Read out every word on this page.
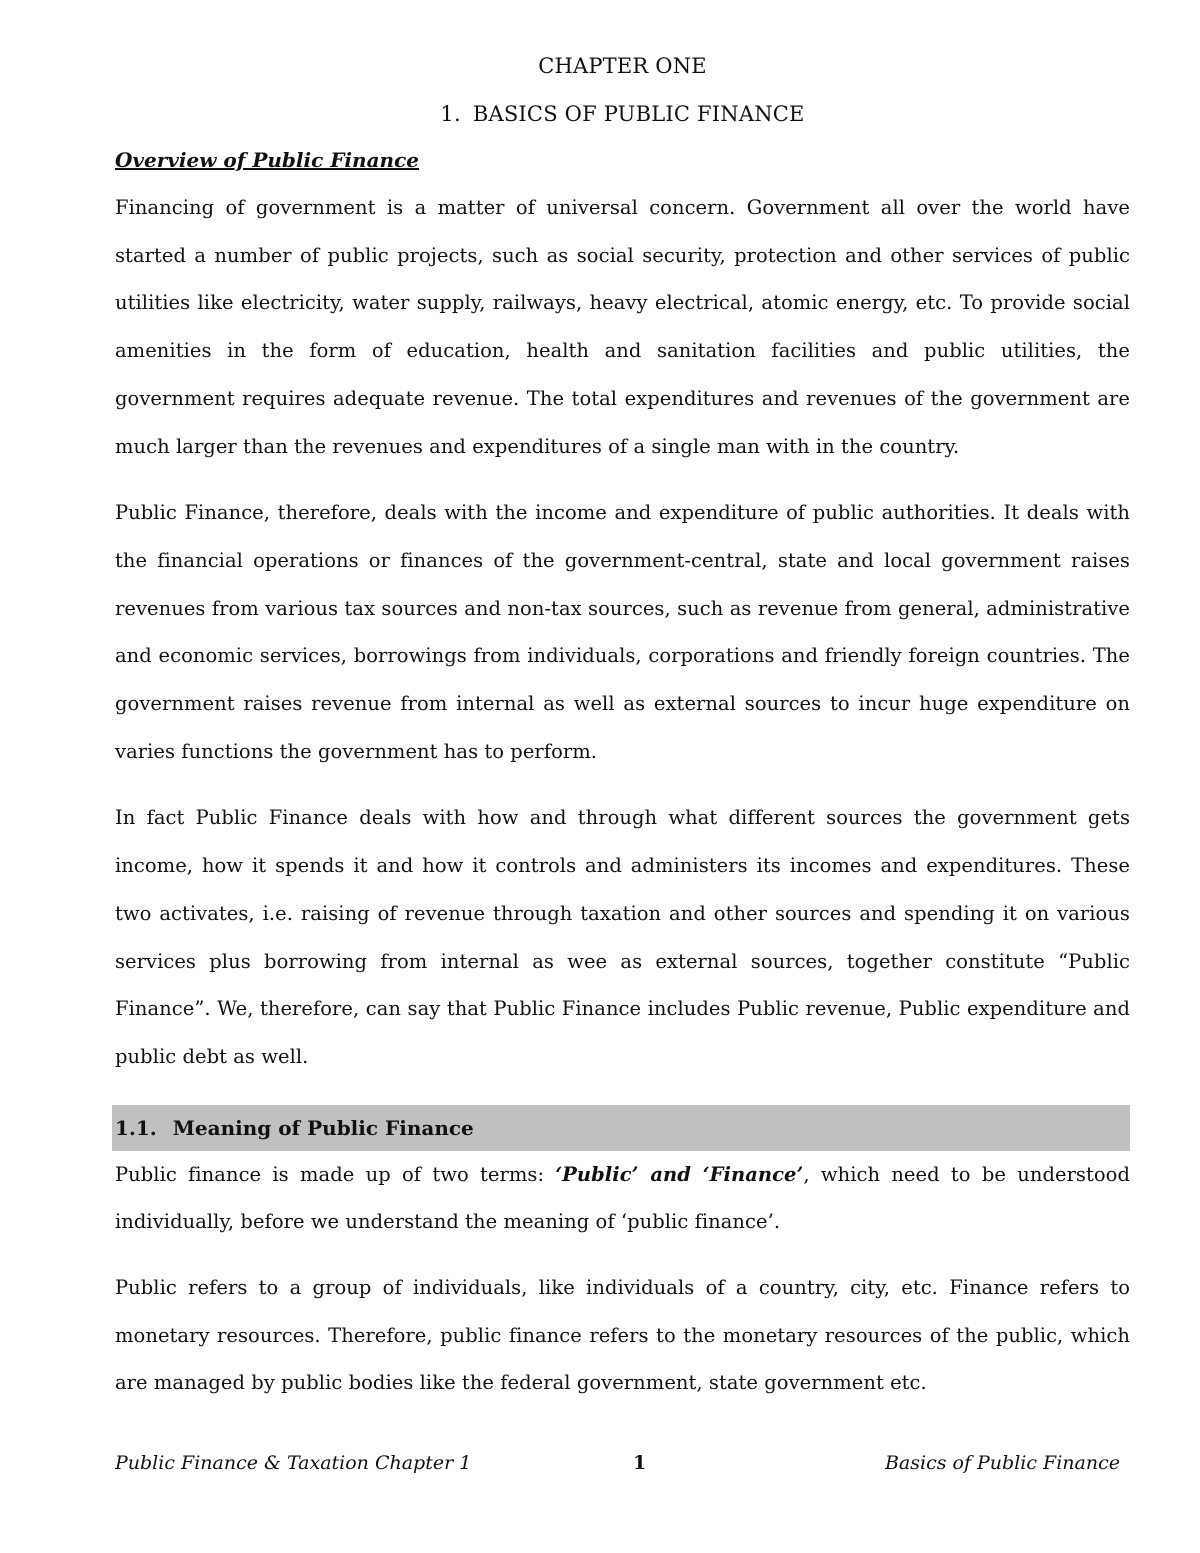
CHAPTER ONE
1. BASICS OF PUBLIC FINANCE
Overview of Public Finance

Financing of government is a matter of universal concern. Government all over the world have started a number of public projects, such as social security, protection and other services of public utilities like electricity, water supply, railways, heavy electrical, atomic energy, etc. To provide social amenities in the form of education, health and sanitation facilities and public utilities, the government requires adequate revenue. The total expenditures and revenues of the government are much larger than the revenues and expenditures of a single man with in the country.

Public Finance, therefore, deals with the income and expenditure of public authorities. It deals with the financial operations or finances of the government-central, state and local government raises revenues from various tax sources and non-tax sources, such as revenue from general, administrative and economic services, borrowings from individuals, corporations and friendly foreign countries. The government raises revenue from internal as well as external sources to incur huge expenditure on varies functions the government has to perform.

In fact Public Finance deals with how and through what different sources the government gets income, how it spends it and how it controls and administers its incomes and expenditures. These two activates, i.e. raising of revenue through taxation and other sources and spending it on various services plus borrowing from internal as wee as external sources, together constitute “Public Finance”. We, therefore, can say that Public Finance includes Public revenue, Public expenditure and public debt as well.

1.1. Meaning of Public Finance

Public finance is made up of two terms: ‘Public’ and ‘Finance’, which need to be understood individually, before we understand the meaning of ‘public finance’.

Public refers to a group of individuals, like individuals of a country, city, etc. Finance refers to monetary resources. Therefore, public finance refers to the monetary resources of the public, which are managed by public bodies like the federal government, state government etc.

Public Finance & Taxation Chapter 1	1	Basics of Public Finance
